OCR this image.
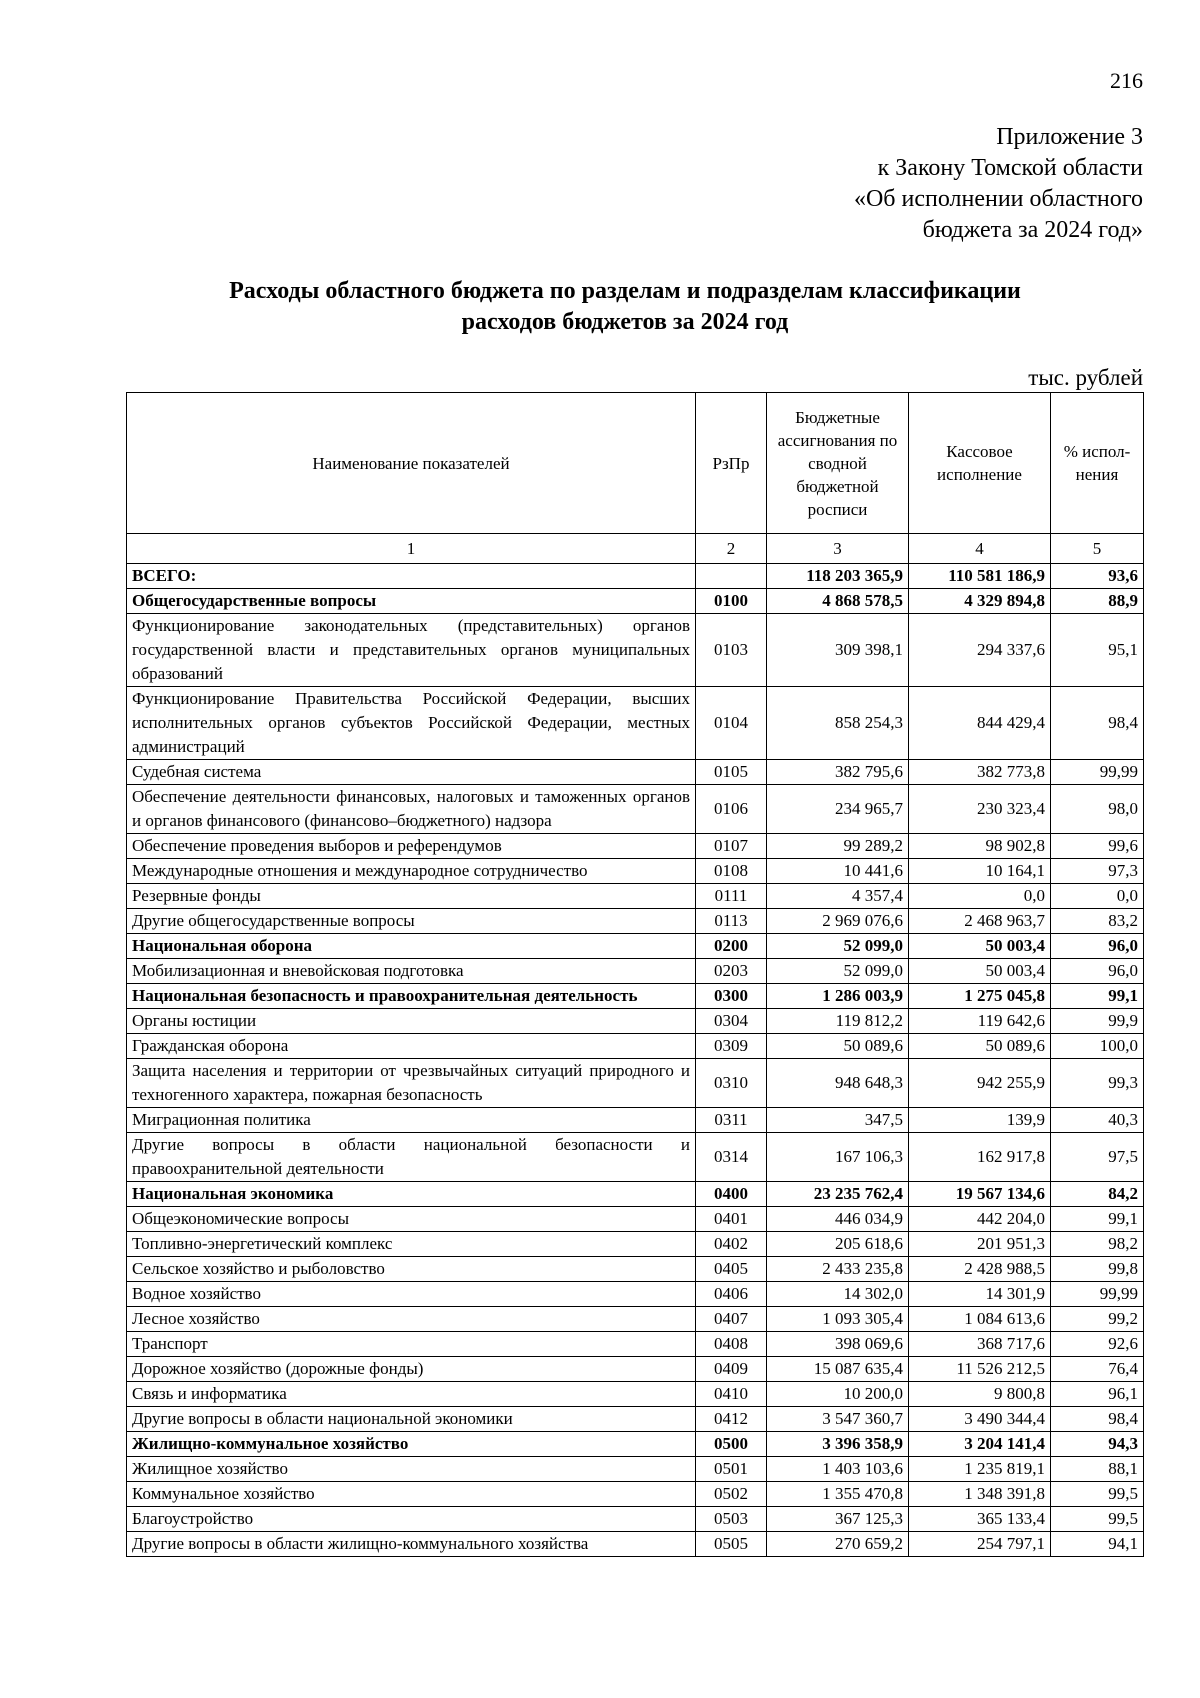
216
Приложение 3
к Закону Томской области
«Об исполнении областного
бюджета за 2024 год»
Расходы областного бюджета по разделам и подразделам классификации
расходов бюджетов за 2024 год
тыс. рублей
Наименование показателей	РзПр	Бюджетные ассигнования по сводной бюджетной росписи	Кассовое исполнение	% испол-нения
1	2	3	4	5
ВСЕГО:		118 203 365,9	110 581 186,9	93,6
Общегосударственные вопросы	0100	4 868 578,5	4 329 894,8	88,9
Функционирование законодательных (представительных) органов государственной власти и представительных органов муниципальных образований	0103	309 398,1	294 337,6	95,1
Функционирование Правительства Российской Федерации, высших исполнительных органов субъектов Российской Федерации, местных администраций	0104	858 254,3	844 429,4	98,4
Судебная система	0105	382 795,6	382 773,8	99,99
Обеспечение деятельности финансовых, налоговых и таможенных органов и органов финансового (финансово–бюджетного) надзора	0106	234 965,7	230 323,4	98,0
Обеспечение проведения выборов и референдумов	0107	99 289,2	98 902,8	99,6
Международные отношения и международное сотрудничество	0108	10 441,6	10 164,1	97,3
Резервные фонды	0111	4 357,4	0,0	0,0
Другие общегосударственные вопросы	0113	2 969 076,6	2 468 963,7	83,2
Национальная оборона	0200	52 099,0	50 003,4	96,0
Мобилизационная и вневойсковая подготовка	0203	52 099,0	50 003,4	96,0
Национальная безопасность и правоохранительная деятельность	0300	1 286 003,9	1 275 045,8	99,1
Органы юстиции	0304	119 812,2	119 642,6	99,9
Гражданская оборона	0309	50 089,6	50 089,6	100,0
Защита населения и территории от чрезвычайных ситуаций природного и техногенного характера, пожарная безопасность	0310	948 648,3	942 255,9	99,3
Миграционная политика	0311	347,5	139,9	40,3
Другие вопросы в области национальной безопасности и правоохранительной деятельности	0314	167 106,3	162 917,8	97,5
Национальная экономика	0400	23 235 762,4	19 567 134,6	84,2
Общеэкономические вопросы	0401	446 034,9	442 204,0	99,1
Топливно-энергетический комплекс	0402	205 618,6	201 951,3	98,2
Сельское хозяйство и рыболовство	0405	2 433 235,8	2 428 988,5	99,8
Водное хозяйство	0406	14 302,0	14 301,9	99,99
Лесное хозяйство	0407	1 093 305,4	1 084 613,6	99,2
Транспорт	0408	398 069,6	368 717,6	92,6
Дорожное хозяйство (дорожные фонды)	0409	15 087 635,4	11 526 212,5	76,4
Связь и информатика	0410	10 200,0	9 800,8	96,1
Другие вопросы в области национальной экономики	0412	3 547 360,7	3 490 344,4	98,4
Жилищно-коммунальное хозяйство	0500	3 396 358,9	3 204 141,4	94,3
Жилищное хозяйство	0501	1 403 103,6	1 235 819,1	88,1
Коммунальное хозяйство	0502	1 355 470,8	1 348 391,8	99,5
Благоустройство	0503	367 125,3	365 133,4	99,5
Другие вопросы в области жилищно-коммунального хозяйства	0505	270 659,2	254 797,1	94,1
